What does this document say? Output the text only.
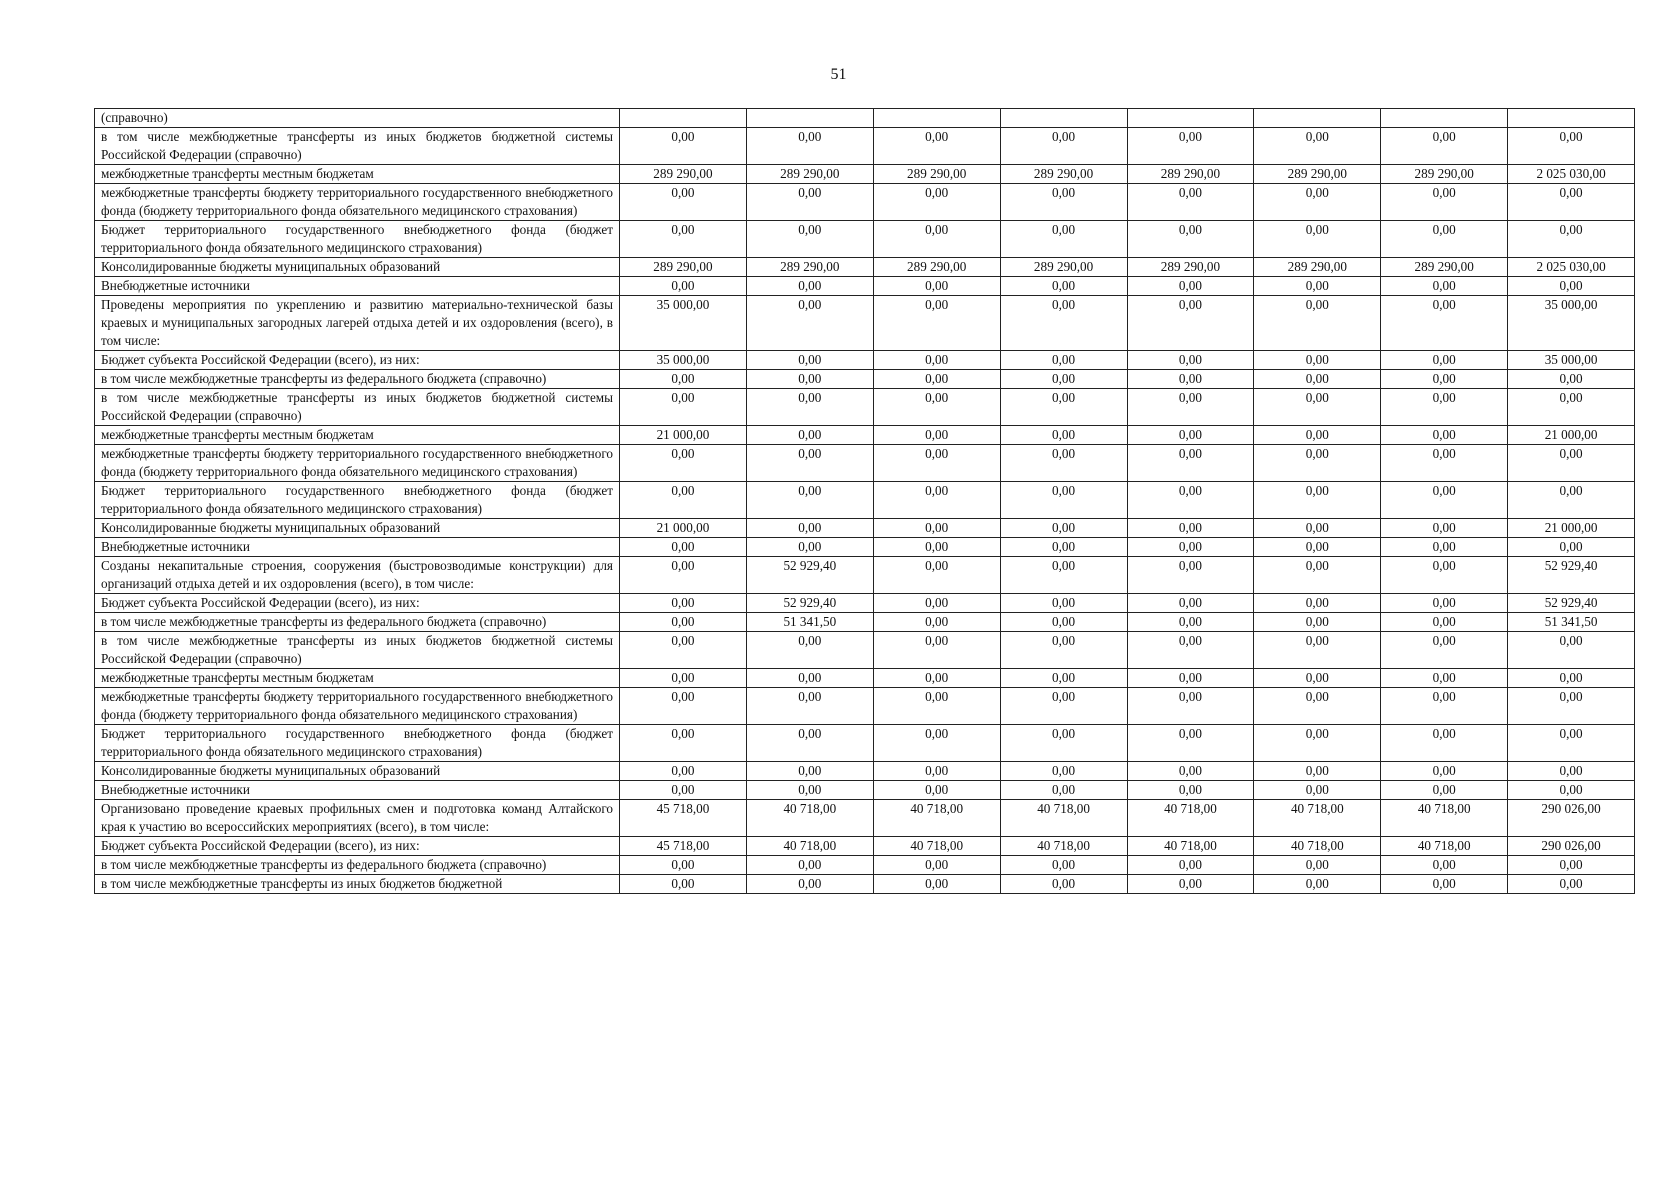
51
(справочно)								
в том числе межбюджетные трансферты из иных бюджетов бюджетной системы Российской Федерации (справочно)	0,00	0,00	0,00	0,00	0,00	0,00	0,00	0,00
межбюджетные трансферты местным бюджетам	289 290,00	289 290,00	289 290,00	289 290,00	289 290,00	289 290,00	289 290,00	2 025 030,00
межбюджетные трансферты бюджету территориального государственного внебюджетного фонда (бюджету территориального фонда обязательного медицинского страхования)	0,00	0,00	0,00	0,00	0,00	0,00	0,00	0,00
Бюджет территориального государственного внебюджетного фонда (бюджет территориального фонда обязательного медицинского страхования)	0,00	0,00	0,00	0,00	0,00	0,00	0,00	0,00
Консолидированные бюджеты муниципальных образований	289 290,00	289 290,00	289 290,00	289 290,00	289 290,00	289 290,00	289 290,00	2 025 030,00
Внебюджетные источники	0,00	0,00	0,00	0,00	0,00	0,00	0,00	0,00
Проведены мероприятия по укреплению и развитию материально-технической базы краевых и муниципальных загородных лагерей отдыха детей и их оздоровления (всего), в том числе:	35 000,00	0,00	0,00	0,00	0,00	0,00	0,00	35 000,00
Бюджет субъекта Российской Федерации (всего), из них:	35 000,00	0,00	0,00	0,00	0,00	0,00	0,00	35 000,00
в том числе межбюджетные трансферты из федерального бюджета (справочно)	0,00	0,00	0,00	0,00	0,00	0,00	0,00	0,00
в том числе межбюджетные трансферты из иных бюджетов бюджетной системы Российской Федерации (справочно)	0,00	0,00	0,00	0,00	0,00	0,00	0,00	0,00
межбюджетные трансферты местным бюджетам	21 000,00	0,00	0,00	0,00	0,00	0,00	0,00	21 000,00
межбюджетные трансферты бюджету территориального государственного внебюджетного фонда (бюджету территориального фонда обязательного медицинского страхования)	0,00	0,00	0,00	0,00	0,00	0,00	0,00	0,00
Бюджет территориального государственного внебюджетного фонда (бюджет территориального фонда обязательного медицинского страхования)	0,00	0,00	0,00	0,00	0,00	0,00	0,00	0,00
Консолидированные бюджеты муниципальных образований	21 000,00	0,00	0,00	0,00	0,00	0,00	0,00	21 000,00
Внебюджетные источники	0,00	0,00	0,00	0,00	0,00	0,00	0,00	0,00
Созданы некапитальные строения, сооружения (быстровозводимые конструкции) для организаций отдыха детей и их оздоровления (всего), в том числе:	0,00	52 929,40	0,00	0,00	0,00	0,00	0,00	52 929,40
Бюджет субъекта Российской Федерации (всего), из них:	0,00	52 929,40	0,00	0,00	0,00	0,00	0,00	52 929,40
в том числе межбюджетные трансферты из федерального бюджета (справочно)	0,00	51 341,50	0,00	0,00	0,00	0,00	0,00	51 341,50
в том числе межбюджетные трансферты из иных бюджетов бюджетной системы Российской Федерации (справочно)	0,00	0,00	0,00	0,00	0,00	0,00	0,00	0,00
межбюджетные трансферты местным бюджетам	0,00	0,00	0,00	0,00	0,00	0,00	0,00	0,00
межбюджетные трансферты бюджету территориального государственного внебюджетного фонда (бюджету территориального фонда обязательного медицинского страхования)	0,00	0,00	0,00	0,00	0,00	0,00	0,00	0,00
Бюджет территориального государственного внебюджетного фонда (бюджет территориального фонда обязательного медицинского страхования)	0,00	0,00	0,00	0,00	0,00	0,00	0,00	0,00
Консолидированные бюджеты муниципальных образований	0,00	0,00	0,00	0,00	0,00	0,00	0,00	0,00
Внебюджетные источники	0,00	0,00	0,00	0,00	0,00	0,00	0,00	0,00
Организовано проведение краевых профильных смен и подготовка команд Алтайского края к участию во всероссийских мероприятиях (всего), в том числе:	45 718,00	40 718,00	40 718,00	40 718,00	40 718,00	40 718,00	40 718,00	290 026,00
Бюджет субъекта Российской Федерации (всего), из них:	45 718,00	40 718,00	40 718,00	40 718,00	40 718,00	40 718,00	40 718,00	290 026,00
в том числе межбюджетные трансферты из федерального бюджета (справочно)	0,00	0,00	0,00	0,00	0,00	0,00	0,00	0,00
в том числе межбюджетные трансферты из иных бюджетов бюджетной	0,00	0,00	0,00	0,00	0,00	0,00	0,00	0,00
